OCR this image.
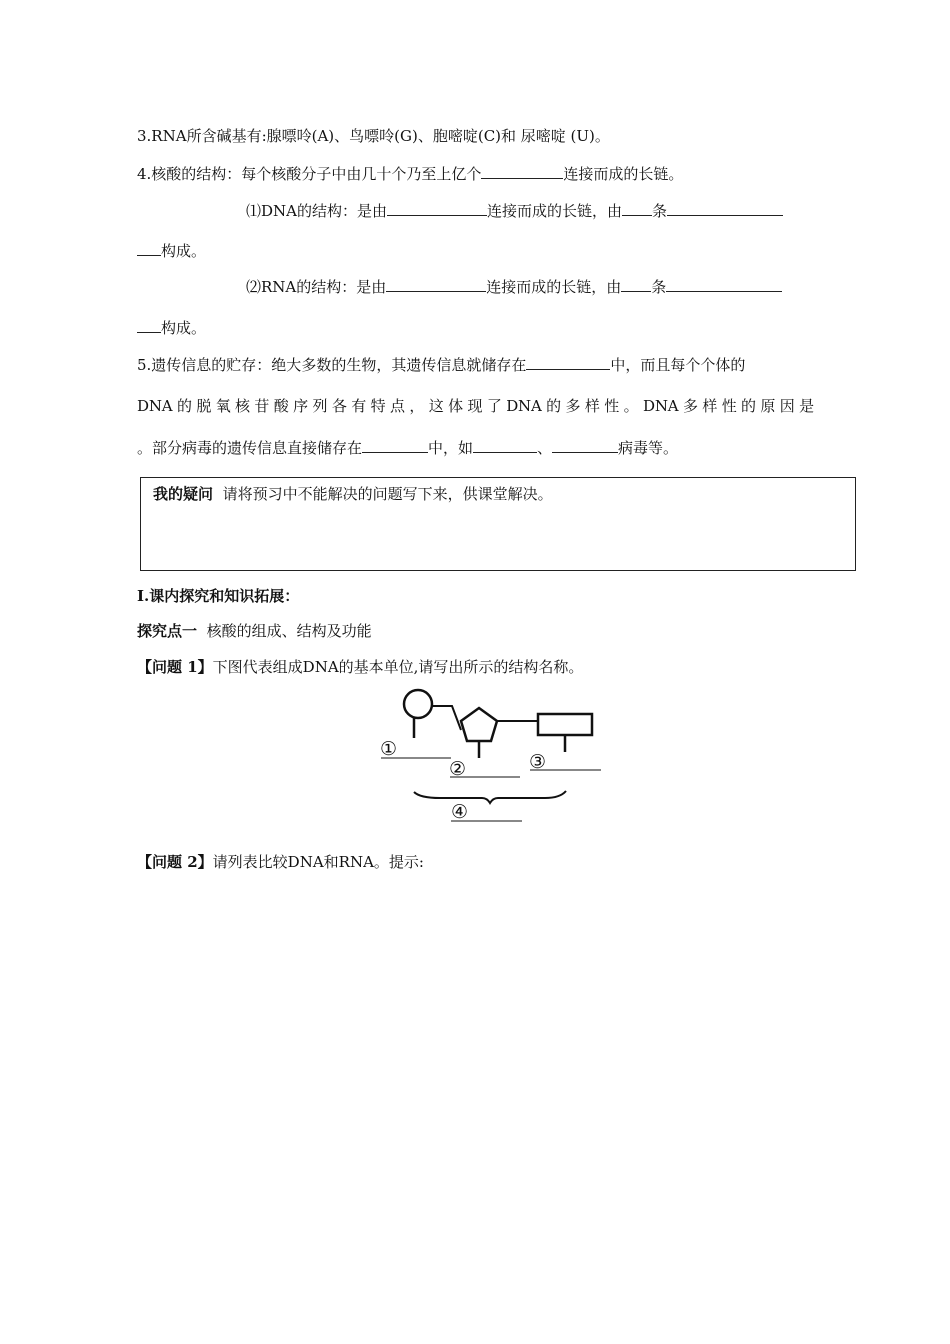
3.RNA所含碱基有:腺嘌呤(A)、鸟嘌呤(G)、胞嘧啶(C)和 尿嘧啶 (U)。
4.核酸的结构：每个核酸分子中由几十个乃至上亿个	连接而成的长链。
⑴DNA的结构：是由	连接而成的长链，由 条
构成。
⑵RNA的结构：是由	连接而成的长链，由 条
构成。
5.遗传信息的贮存：绝大多数的生物，其遗传信息就储存在	中，而且每个个体的
DNA 的 脱 氧 核 苷 酸 序 列 各 有 特 点 ， 这 体 现 了 DNA 的 多 样 性 。 DNA 多 样 性 的 原 因 是
。部分病毒的遗传信息直接储存在	中，如	、	病毒等。
我的疑问 请将预习中不能解决的问题写下来，供课堂解决。
Ⅰ.课内探究和知识拓展：
探究点一 核酸的组成、结构及功能
【问题 1】下图代表组成DNA的基本单位,请写出所示的结构名称。
①
②	③
④
【问题 2】请列表比较DNA和RNA。提示:
